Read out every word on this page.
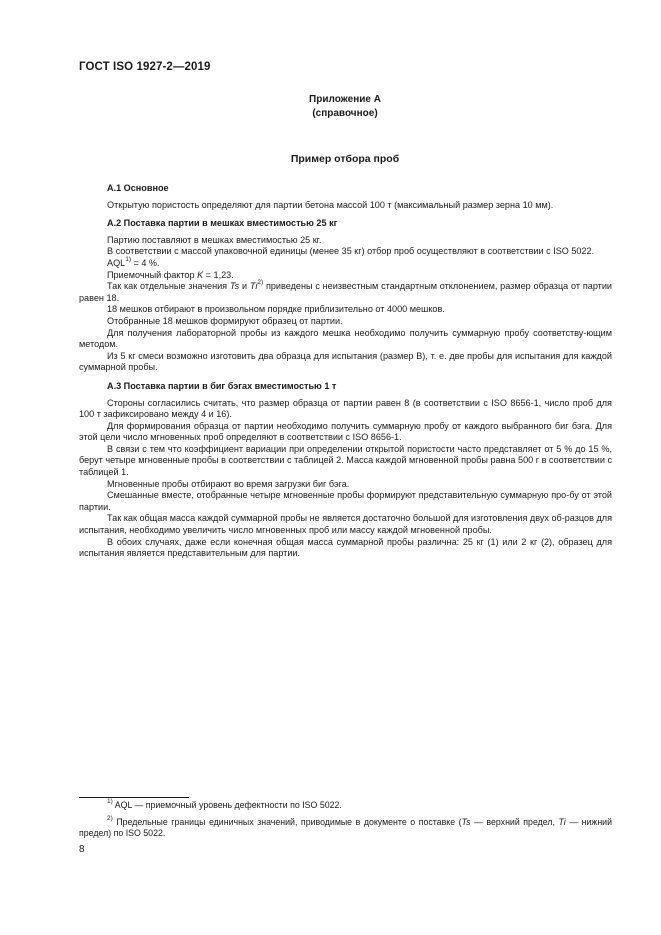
ГОСТ ISO 1927-2—2019
Приложение А
(справочное)
Пример отбора проб
А.1 Основное

Открытую пористость определяют для партии бетона массой 100 т (максимальный размер зерна 10 мм).

А.2 Поставка партии в мешках вместимостью 25 кг

Партию поставляют в мешках вместимостью 25 кг.

В соответствии с массой упаковочной единицы (менее 35 кг) отбор проб осуществляют в соответствии с ISO 5022.

$AQL^{1)} = 4$ %.

Приемочный фактор K = 1,23.

Так как отдельные значения Ts и Ti$^{2)}$ приведены с неизвестным стандартным отклонением, размер образца от партии равен 18.

18 мешков отбирают в произвольном порядке приблизительно от 4000 мешков.

Отобранные 18 мешков формируют образец от партии.

Для получения лабораторной пробы из каждого мешка необходимо получить суммарную пробу соответству-ющим методом.

Из 5 кг смеси возможно изготовить два образца для испытания (размер В), т. е. две пробы для испытания для каждой суммарной пробы.

А.3 Поставка партии в биг бэгах вместимостью 1 т

Стороны согласились считать, что размер образца от партии равен 8 (в соответствии с ISO 8656-1, число проб для 100 т зафиксировано между 4 и 16).

Для формирования образца от партии необходимо получить суммарную пробу от каждого выбранного биг бэга. Для этой цели число мгновенных проб определяют в соответствии с ISO 8656-1.

В связи с тем что коэффициент вариации при определении открытой пористости часто представляет от 5 % до 15 %, берут четыре мгновенные пробы в соответствии с таблицей 2. Масса каждой мгновенной пробы равна 500 г в соответствии с таблицей 1.

Мгновенные пробы отбирают во время загрузки биг бэга.

Смешанные вместе, отобранные четыре мгновенные пробы формируют представительную суммарную про-бу от этой партии.

Так как общая масса каждой суммарной пробы не является достаточно большой для изготовления двух об-разцов для испытания, необходимо увеличить число мгновенных проб или массу каждой мгновенной пробы.

В обоих случаях, даже если конечная общая масса суммарной пробы различна: 25 кг (1) или 2 кг (2), образец для испытания является представительным для партии.

$^{1)}$ AQL — приемочный уровень дефектности по ISO 5022.

$^{2)}$ Предельные границы единичных значений, приводимые в документе о поставке (Ts — верхний предел, Ti — нижний предел) по ISO 5022.

8
